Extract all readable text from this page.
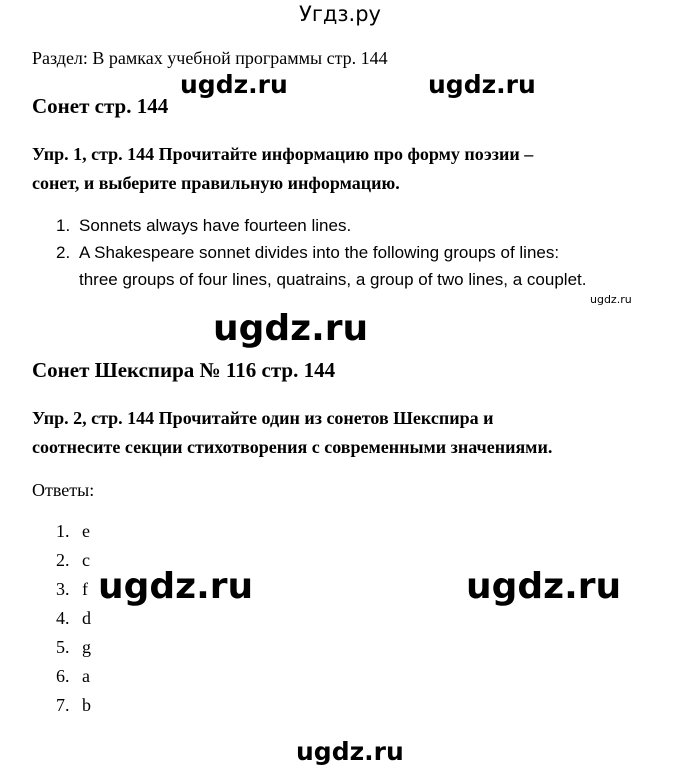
Угдз.ру
Раздел: В рамках учебной программы стр. 144
Сонет стр. 144
Упр. 1, стр. 144 Прочитайте информацию про форму поэзии –
сонет, и выберите правильную информацию.
1. Sonnets always have fourteen lines.
2. A Shakespeare sonnet divides into the following groups of lines:
three groups of four lines, quatrains, a group of two lines, a couplet.
Сонет Шекспира № 116 стр. 144
Упр. 2, стр. 144 Прочитайте один из сонетов Шекспира и
соотнесите секции стихотворения с современными значениями.
Ответы:
1. e
2. c
3. f
4. d
5. g
6. a
7. b
ugdz.ru	ugdz.ru
ugdz.ru
ugdz.ru
ugdz.ru	ugdz.ru
ugdz.ru
